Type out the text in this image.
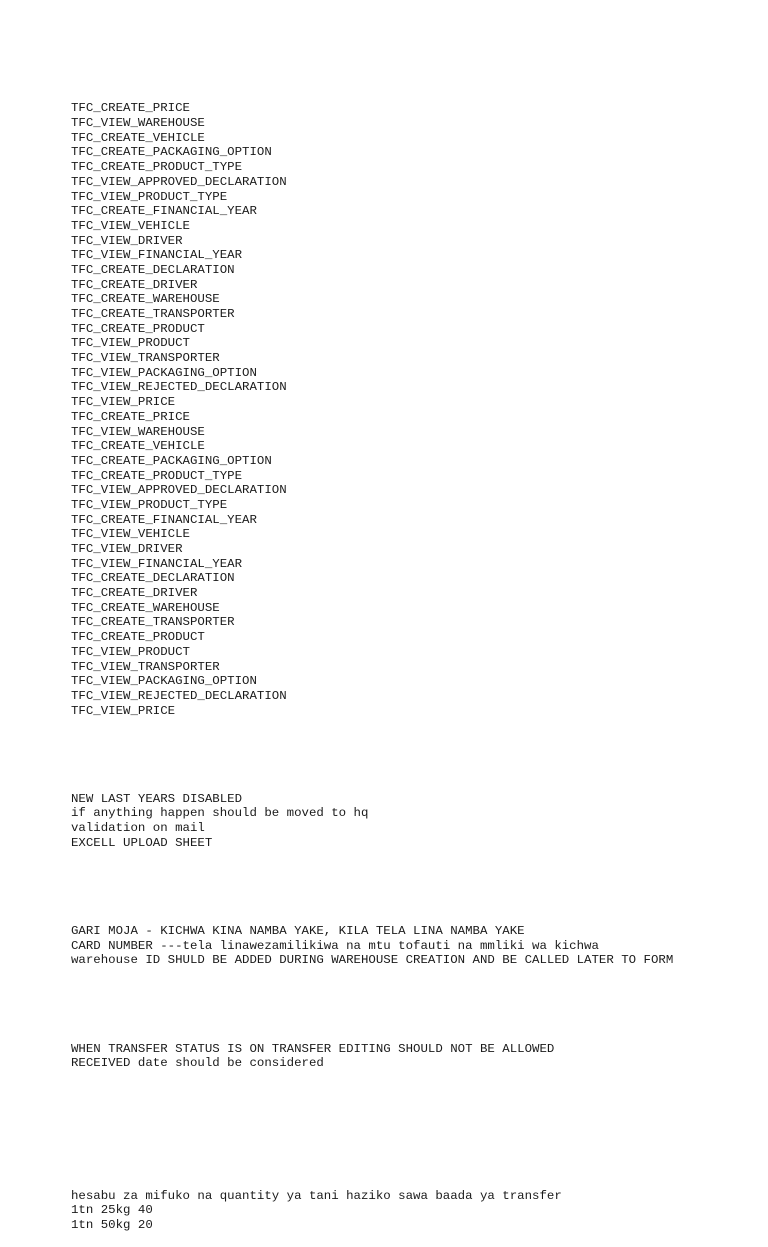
TFC_CREATE_PRICE
TFC_VIEW_WAREHOUSE
TFC_CREATE_VEHICLE
TFC_CREATE_PACKAGING_OPTION
TFC_CREATE_PRODUCT_TYPE
TFC_VIEW_APPROVED_DECLARATION
TFC_VIEW_PRODUCT_TYPE
TFC_CREATE_FINANCIAL_YEAR
TFC_VIEW_VEHICLE
TFC_VIEW_DRIVER
TFC_VIEW_FINANCIAL_YEAR
TFC_CREATE_DECLARATION
TFC_CREATE_DRIVER
TFC_CREATE_WAREHOUSE
TFC_CREATE_TRANSPORTER
TFC_CREATE_PRODUCT
TFC_VIEW_PRODUCT
TFC_VIEW_TRANSPORTER
TFC_VIEW_PACKAGING_OPTION
TFC_VIEW_REJECTED_DECLARATION
TFC_VIEW_PRICE
TFC_CREATE_PRICE
TFC_VIEW_WAREHOUSE
TFC_CREATE_VEHICLE
TFC_CREATE_PACKAGING_OPTION
TFC_CREATE_PRODUCT_TYPE
TFC_VIEW_APPROVED_DECLARATION
TFC_VIEW_PRODUCT_TYPE
TFC_CREATE_FINANCIAL_YEAR
TFC_VIEW_VEHICLE
TFC_VIEW_DRIVER
TFC_VIEW_FINANCIAL_YEAR
TFC_CREATE_DECLARATION
TFC_CREATE_DRIVER
TFC_CREATE_WAREHOUSE
TFC_CREATE_TRANSPORTER
TFC_CREATE_PRODUCT
TFC_VIEW_PRODUCT
TFC_VIEW_TRANSPORTER
TFC_VIEW_PACKAGING_OPTION
TFC_VIEW_REJECTED_DECLARATION
TFC_VIEW_PRICE

NEW LAST YEARS DISABLED
if anything happen should be moved to hq
validation on mail
EXCELL UPLOAD SHEET

GARI MOJA - KICHWA KINA NAMBA YAKE, KILA TELA LINA NAMBA YAKE
CARD NUMBER ---tela linawezamilikiwa na mtu tofauti na mmliki wa kichwa
warehouse ID SHULD BE ADDED DURING WAREHOUSE CREATION AND BE CALLED LATER TO FORM

WHEN TRANSFER STATUS IS ON TRANSFER EDITING SHOULD NOT BE ALLOWED
RECEIVED date should be considered

hesabu za mifuko na quantity ya tani haziko sawa baada ya transfer
1tn 25kg 40
1tn 50kg 20
